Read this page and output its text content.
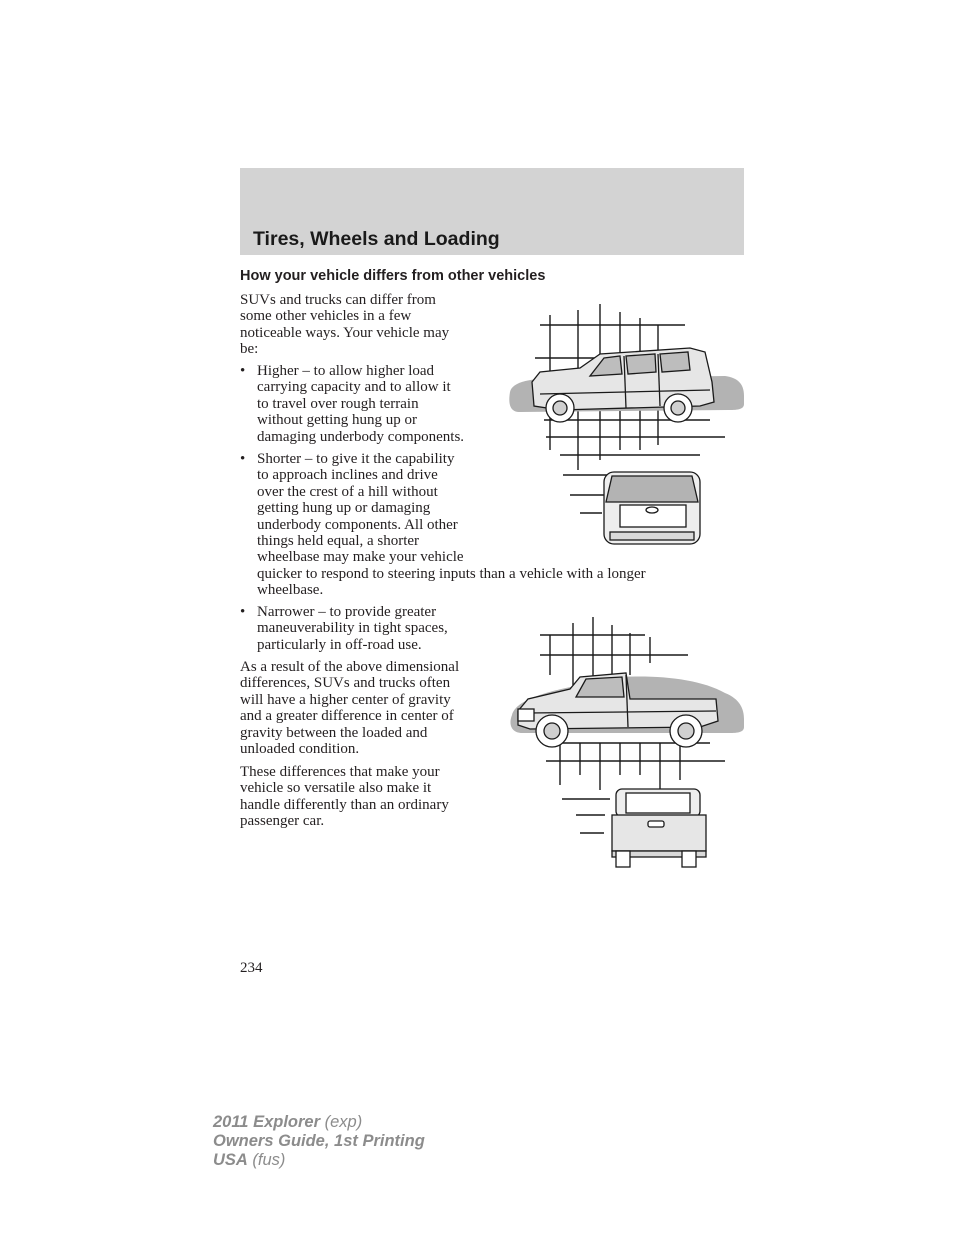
Tires, Wheels and Loading
How your vehicle differs from other vehicles
SUVs and trucks can differ from
some other vehicles in a few
noticeable ways. Your vehicle may
be:
• Higher – to allow higher load
carrying capacity and to allow it
to travel over rough terrain
without getting hung up or
damaging underbody components.
• Shorter – to give it the capability
to approach inclines and drive
over the crest of a hill without
getting hung up or damaging
underbody components. All other
things held equal, a shorter
wheelbase may make your vehicle
quicker to respond to steering inputs than a vehicle with a longer
wheelbase.
• Narrower – to provide greater
maneuverability in tight spaces,
particularly in off-road use.
As a result of the above dimensional
differences, SUVs and trucks often
will have a higher center of gravity
and a greater difference in center of
gravity between the loaded and
unloaded condition.
These differences that make your
vehicle so versatile also make it
handle differently than an ordinary
passenger car.
234
2011 Explorer (exp)
Owners Guide, 1st Printing
USA (fus)
